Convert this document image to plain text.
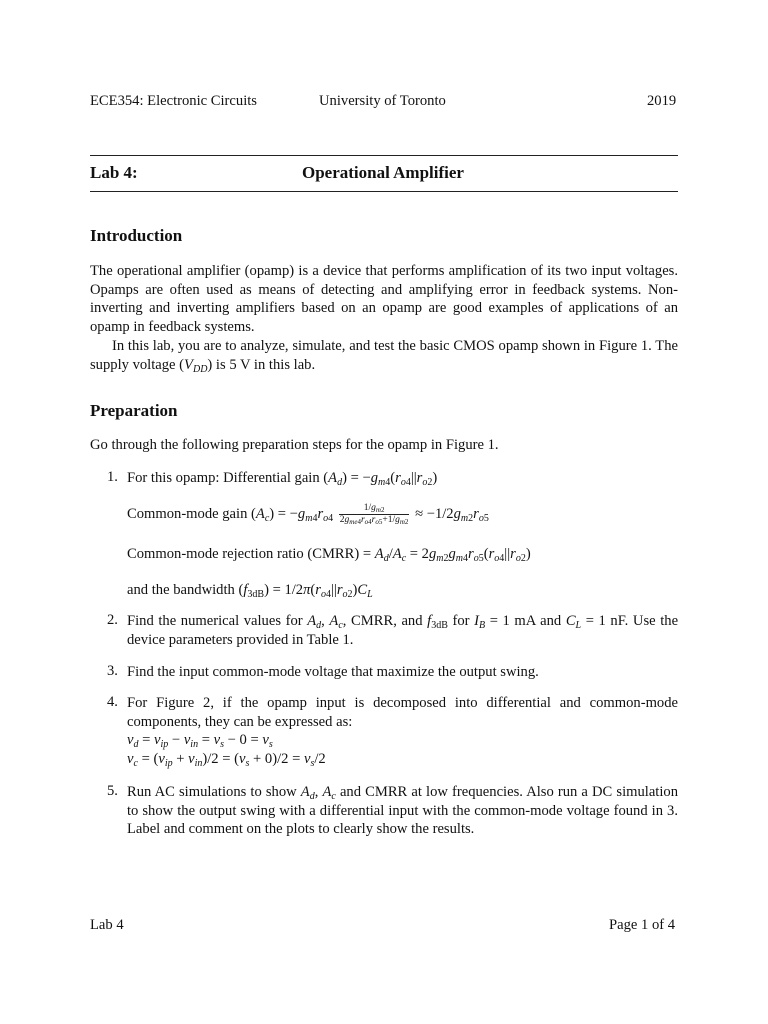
ECE354: Electronic Circuits	University of Toronto	2019
Lab 4:	Operational Amplifier
Introduction

The operational amplifier (opamp) is a device that performs amplification of its two input voltages. Opamps are often used as means of detecting and amplifying error in feedback systems. Non-inverting and inverting amplifiers based on an opamp are good examples of applications of an opamp in feedback systems.

In this lab, you are to analyze, simulate, and test the basic CMOS opamp shown in Figure 1. The supply voltage $(V_{DD})$ is 5 V in this lab.

Preparation
Go through the following preparation steps for the opamp in Figure 1.
1. For this opamp: Differential gain $(A_d) = -g_{m4}(r_{o4}||r_{o2})$
Common-mode gain $(A_c) = -g_{m4}r_{o4} \frac{1/g_{m2}}{2g_{me4}r_{o4}r_{o5}+1/g_{m2}} \approx -1/2g_{m2}r_{o5}$
Common-mode rejection ratio (CMRR) = $A_d/A_c = 2g_{m2}g_{m4}r_{o5}(r_{o4}||r_{o2})$
and the bandwidth $(f_{3dB}) = 1/2\pi(r_{o4}||r_{o2})C_L$
2. Find the numerical values for $A_d$, $A_c$, CMRR, and $f_{3dB}$ for $I_B = 1$ mA and $C_L = 1$ nF. Use the device parameters provided in Table 1.
3. Find the input common-mode voltage that maximize the output swing.
4. For Figure 2, if the opamp input is decomposed into differential and common-mode components, they can be expressed as:

$v_d = v_{ip} - v_{in} = v_s - 0 = v_s$

$v_c = (v_{ip} + v_{in})/2 = (v_s + 0)/2 = v_s/2$

5. Run AC simulations to show $A_d$, $A_c$ and CMRR at low frequencies. Also run a DC simulation to show the output swing with a differential input with the common-mode voltage found in 3. Label and comment on the plots to clearly show the results.
Lab 4	Page 1 of 4
